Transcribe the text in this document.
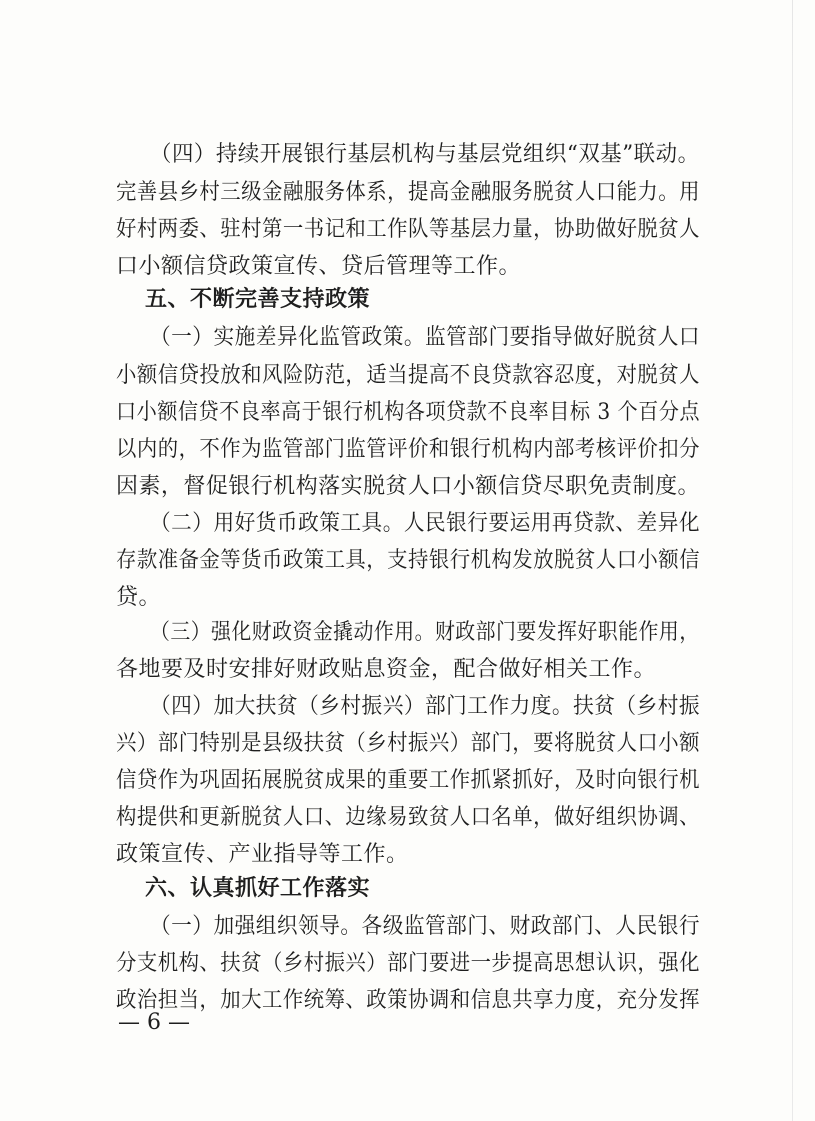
（四）持续开展银行基层机构与基层党组织“双基”联动。
完善县乡村三级金融服务体系，提高金融服务脱贫人口能力。用
好村两委、驻村第一书记和工作队等基层力量，协助做好脱贫人
口小额信贷政策宣传、贷后管理等工作。
五、不断完善支持政策
（一）实施差异化监管政策。监管部门要指导做好脱贫人口
小额信贷投放和风险防范，适当提高不良贷款容忍度，对脱贫人
口小额信贷不良率高于银行机构各项贷款不良率目标 3 个百分点
以内的，不作为监管部门监管评价和银行机构内部考核评价扣分
因素，督促银行机构落实脱贫人口小额信贷尽职免责制度。
（二）用好货币政策工具。人民银行要运用再贷款、差异化
存款准备金等货币政策工具，支持银行机构发放脱贫人口小额信
贷。
（三）强化财政资金撬动作用。财政部门要发挥好职能作用，
各地要及时安排好财政贴息资金，配合做好相关工作。
（四）加大扶贫（乡村振兴）部门工作力度。扶贫（乡村振
兴）部门特别是县级扶贫（乡村振兴）部门，要将脱贫人口小额
信贷作为巩固拓展脱贫成果的重要工作抓紧抓好，及时向银行机
构提供和更新脱贫人口、边缘易致贫人口名单，做好组织协调、
政策宣传、产业指导等工作。
六、认真抓好工作落实
（一）加强组织领导。各级监管部门、财政部门、人民银行
分支机构、扶贫（乡村振兴）部门要进一步提高思想认识，强化
政治担当，加大工作统筹、政策协调和信息共享力度，充分发挥
— 6 —
